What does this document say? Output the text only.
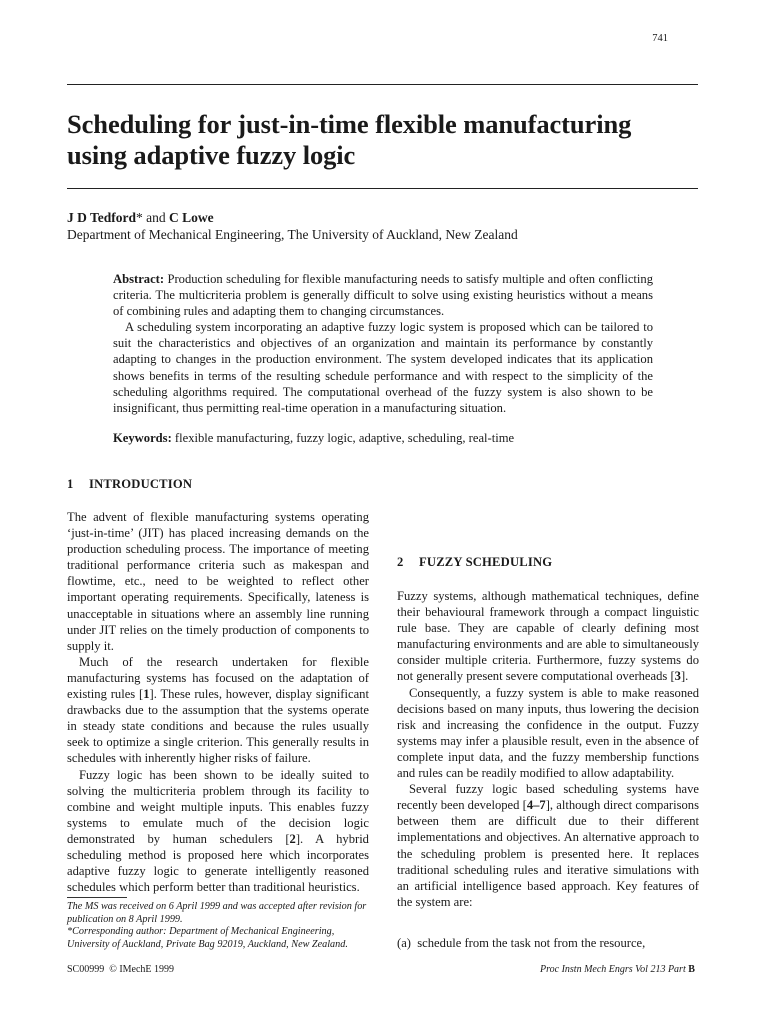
741
Scheduling for just-in-time flexible manufacturing
using adaptive fuzzy logic
J D Tedford* and C Lowe
Department of Mechanical Engineering, The University of Auckland, New Zealand

Abstract: Production scheduling for flexible manufacturing needs to satisfy multiple and often conflicting criteria. The multicriteria problem is generally difficult to solve using existing heuristics without a means of combining rules and adapting them to changing circumstances.

A scheduling system incorporating an adaptive fuzzy logic system is proposed which can be tailored to suit the characteristics and objectives of an organization and maintain its performance by constantly adapting to changes in the production environment. The system developed indicates that its application shows benefits in terms of the resulting schedule performance and with respect to the simplicity of the scheduling algorithms required. The computational overhead of the fuzzy system is also shown to be insignificant, thus permitting real-time operation in a manufacturing situation.

Keywords: flexible manufacturing, fuzzy logic, adaptive, scheduling, real-time
1 INTRODUCTION

The advent of flexible manufacturing systems operating ‘just-in-time’ (JIT) has placed increasing demands on the production scheduling process. The importance of meeting traditional performance criteria such as makespan and flowtime, etc., need to be weighted to reflect other important operating requirements. Specifically, lateness is unacceptable in situations where an assembly line running under JIT relies on the timely production of components to supply it.

Much of the research undertaken for flexible manufacturing systems has focused on the adaptation of existing rules [1]. These rules, however, display significant drawbacks due to the assumption that the systems operate in steady state conditions and because the rules usually seek to optimize a single criterion. This generally results in schedules with inherently higher risks of failure.

Fuzzy logic has been shown to be ideally suited to solving the multicriteria problem through its facility to combine and weight multiple inputs. This enables fuzzy systems to emulate much of the decision logic demonstrated by human schedulers [2]. A hybrid scheduling method is proposed here which incorporates adaptive fuzzy logic to generate intelligently reasoned schedules which perform better than traditional heuristics.

2 FUZZY SCHEDULING

Fuzzy systems, although mathematical techniques, define their behavioural framework through a compact linguistic rule base. They are capable of clearly defining most manufacturing environments and are able to simultaneously consider multiple criteria. Furthermore, fuzzy systems do not generally present severe computational overheads [3].

Consequently, a fuzzy system is able to make reasoned decisions based on many inputs, thus lowering the decision risk and increasing the confidence in the output. Fuzzy systems may infer a plausible result, even in the absence of complete input data, and the fuzzy membership functions and rules can be readily modified to allow adaptability.

Several fuzzy logic based scheduling systems have recently been developed [4–7], although direct comparisons between them are difficult due to their different implementations and objectives. An alternative approach to the scheduling problem is presented here. It replaces traditional scheduling rules and iterative simulations with an artificial intelligence based approach. Key features of the system are:

(a)  schedule from the task not from the resource,

The MS was received on 6 April 1999 and was accepted after revision for publication on 8 April 1999.

*Corresponding author: Department of Mechanical Engineering, University of Auckland, Private Bag 92019, Auckland, New Zealand.

SC00999  © IMechE 1999	Proc Instn Mech Engrs Vol 213 Part B
